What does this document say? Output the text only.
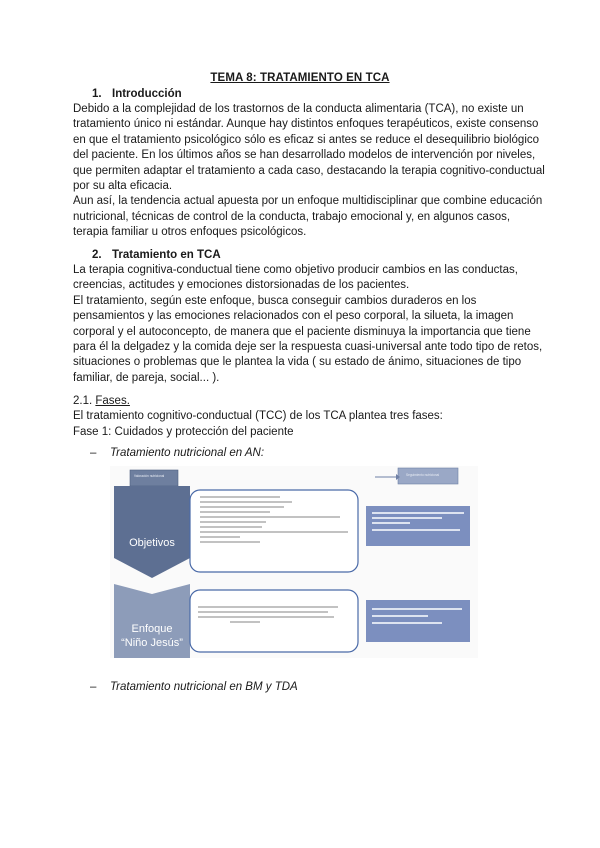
TEMA 8: TRATAMIENTO EN TCA
1. Introducción
Debido a la complejidad de los trastornos de la conducta alimentaria (TCA), no existe un
tratamiento único ni estándar. Aunque hay distintos enfoques terapéuticos, existe consenso
en que el tratamiento psicológico sólo es eficaz si antes se reduce el desequilibrio biológico
del paciente. En los últimos años se han desarrollado modelos de intervención por niveles,
que permiten adaptar el tratamiento a cada caso, destacando la terapia cognitivo-conductual
por su alta eficacia.
Aun así, la tendencia actual apuesta por un enfoque multidisciplinar que combine educación
nutricional, técnicas de control de la conducta, trabajo emocional y, en algunos casos,
terapia familiar u otros enfoques psicológicos.
2. Tratamiento en TCA
La terapia cognitiva-conductual tiene como objetivo producir cambios en las conductas,
creencias, actitudes y emociones distorsionadas de los pacientes.
El tratamiento, según este enfoque, busca conseguir cambios duraderos en los
pensamientos y las emociones relacionados con el peso corporal, la silueta, la imagen
corporal y el autoconcepto, de manera que el paciente disminuya la importancia que tiene
para él la delgadez y la comida deje ser la respuesta cuasi-universal ante todo tipo de retos,
situaciones o problemas que le plantea la vida ( su estado de ánimo, situaciones de tipo
familiar, de pareja, social... ).
2.1. Fases.
El tratamiento cognitivo-conductual (TCC) de los TCA plantea tres fases:
Fase 1: Cuidados y protección del paciente
– Tratamiento nutricional en AN:
Valoración nutricional	Seguimiento nutricional
Objetivos
Enfoque
“Niño Jesús”
– Tratamiento nutricional en BM y TDA
